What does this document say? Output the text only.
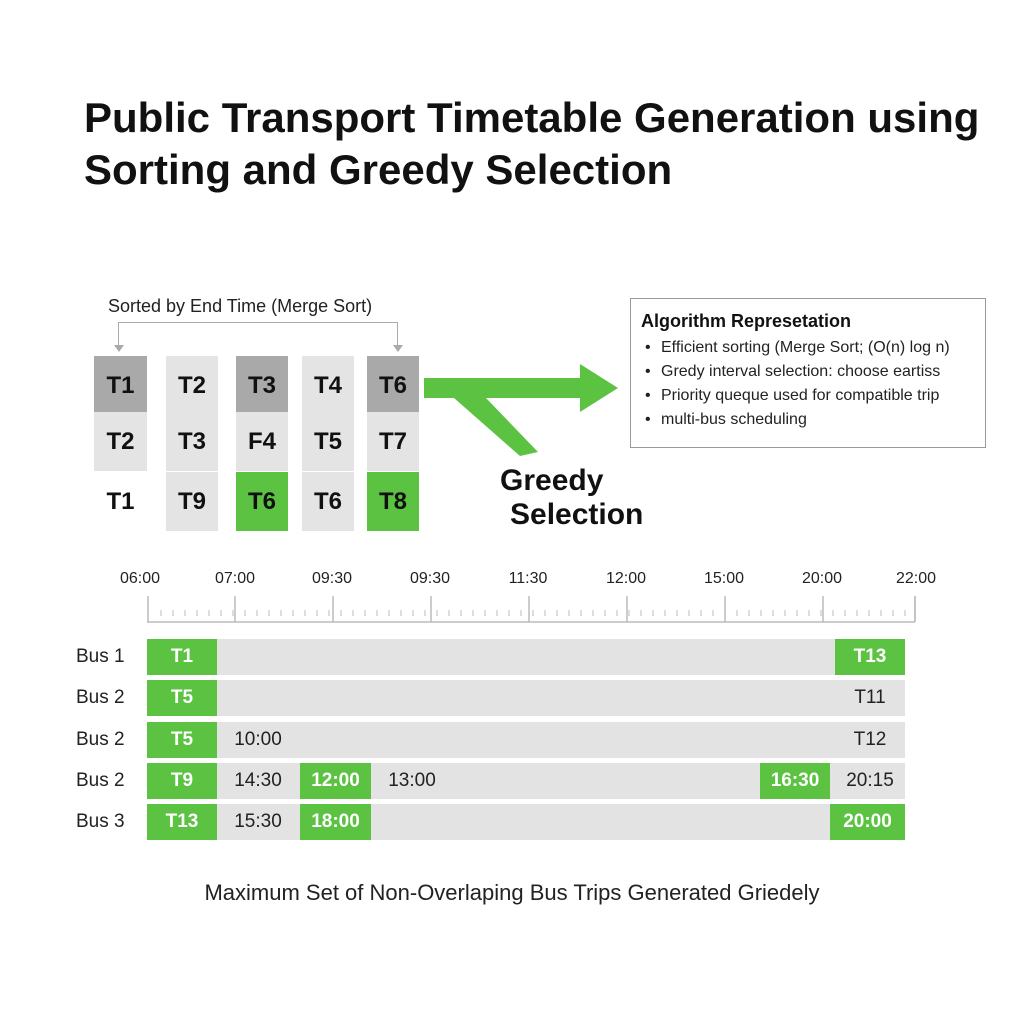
Public Transport Timetable Generation using
Sorting and Greedy Selection
Sorted by End Time (Merge Sort)
T1
T2
T1
T2
T3
T9
T3
F4
T6
T4
T5
T6
T6
T7
T8
Greedy
Selection
Algorithm Represetation
• Efficient sorting (Merge Sort; (O(n) log n)
• Gredy interval selection: choose eartiss
• Priority queque used for compatible trip
• multi-bus scheduling
06:00	07:00	09:30	09:30	11:30	12:00	15:00	20:00	22:00
Bus 1	T1	T13
Bus 2	T5	T11
Bus 2	T5	10:00	T12
Bus 2	T9	14:30	12:00	13:00	16:30	20:15
Bus 3	T13	15:30	18:00	20:00
Maximum Set of Non-Overlaping Bus Trips Generated Griedely
